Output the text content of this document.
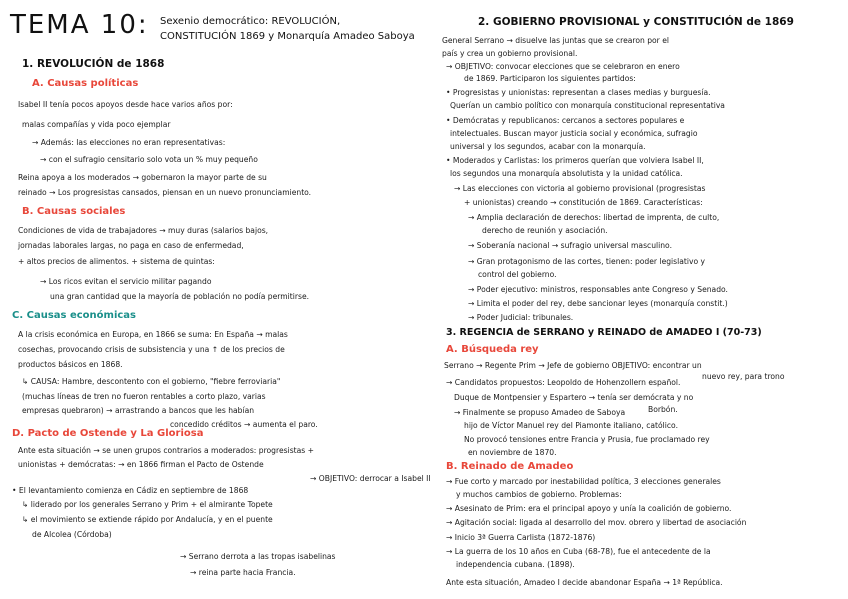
TEMA 10: Sexenio democrático: REVOLUCIÓN,
CONSTITUCIÓN 1869 y Monarquía Amadeo Saboya
1. REVOLUCIÓN de 1868
A. Causas políticas
Isabel II tenía pocos apoyos desde hace varios años por:
malas compañías y vida poco ejemplar
→ Además: las elecciones no eran representativas:
→ con el sufragio censitario solo vota un % muy pequeño
Reina apoya a los moderados → gobernaron la mayor parte de su
reinado → Los progresistas cansados, piensan en un nuevo pronunciamiento.
B. Causas sociales
Condiciones de vida de trabajadores → muy duras (salarios bajos,
jornadas laborales largas, no paga en caso de enfermedad,
+ altos precios de alimentos. + sistema de quintas:
→ Los ricos evitan el servicio militar pagando
una gran cantidad que la mayoría de población no podía permitirse.
C. Causas económicas
A la crisis económica en Europa, en 1866 se suma: En España → malas
cosechas, provocando crisis de subsistencia y una ↑ de los precios de
productos básicos en 1868.
↳ CAUSA: Hambre, descontento con el gobierno, "fiebre ferroviaria"
(muchas líneas de tren no fueron rentables a corto plazo, varias
empresas quebraron) → arrastrando a bancos que les habían
concedido créditos → aumenta el paro.
D. Pacto de Ostende y La Gloriosa
Ante esta situación → se unen grupos contrarios a moderados: progresistas +
unionistas + demócratas: → en 1866 firman el Pacto de Ostende
→ OBJETIVO: derrocar a Isabel II
• El levantamiento comienza en Cádiz en septiembre de 1868
↳ liderado por los generales Serrano y Prim + el almirante Topete
↳ el movimiento se extiende rápido por Andalucía, y en el puente
de Alcolea (Córdoba)
→ Serrano derrota a las tropas isabelinas
→ reina parte hacia Francia.
2. GOBIERNO PROVISIONAL y CONSTITUCIÓN de 1869
General Serrano → disuelve las juntas que se crearon por el
país y crea un gobierno provisional.
→ OBJETIVO: convocar elecciones que se celebraron en enero
de 1869. Participaron los siguientes partidos:
• Progresistas y unionistas: representan a clases medias y burguesía.
Querían un cambio político con monarquía constitucional representativa
• Demócratas y republicanos: cercanos a sectores populares e
intelectuales. Buscan mayor justicia social y económica, sufragio
universal y los segundos, acabar con la monarquía.
• Moderados y Carlistas: los primeros querían que volviera Isabel II,
los segundos una monarquía absolutista y la unidad católica.
→ Las elecciones con victoria al gobierno provisional (progresistas
+ unionistas) creando → constitución de 1869. Características:
→ Amplia declaración de derechos: libertad de imprenta, de culto,
derecho de reunión y asociación.
→ Soberanía nacional → sufragio universal masculino.
→ Gran protagonismo de las cortes, tienen: poder legislativo y
control del gobierno.
→ Poder ejecutivo: ministros, responsables ante Congreso y Senado.
→ Limita el poder del rey, debe sancionar leyes (monarquía constit.)
→ Poder Judicial: tribunales.
3. REGENCIA de SERRANO y REINADO de AMADEO I (70-73)
A. Búsqueda rey
Serrano → Regente Prim → Jefe de gobierno OBJETIVO: encontrar un
nuevo rey, para trono
→ Candidatos propuestos: Leopoldo de Hohenzollern español.
Duque de Montpensier y Espartero → tenía ser demócrata y no
Borbón.
→ Finalmente se propuso Amadeo de Saboya
hijo de Víctor Manuel rey del Piamonte italiano, católico.
No provocó tensiones entre Francia y Prusia, fue proclamado rey
en noviembre de 1870.
B. Reinado de Amadeo
→ Fue corto y marcado por inestabilidad política, 3 elecciones generales
y muchos cambios de gobierno. Problemas:
→ Asesinato de Prim: era el principal apoyo y unía la coalición de gobierno.
→ Agitación social: ligada al desarrollo del mov. obrero y libertad de asociación
→ Inicio 3ª Guerra Carlista (1872-1876)
→ La guerra de los 10 años en Cuba (68-78), fue el antecedente de la
independencia cubana. (1898).
Ante esta situación, Amadeo I decide abandonar España → 1ª República.
